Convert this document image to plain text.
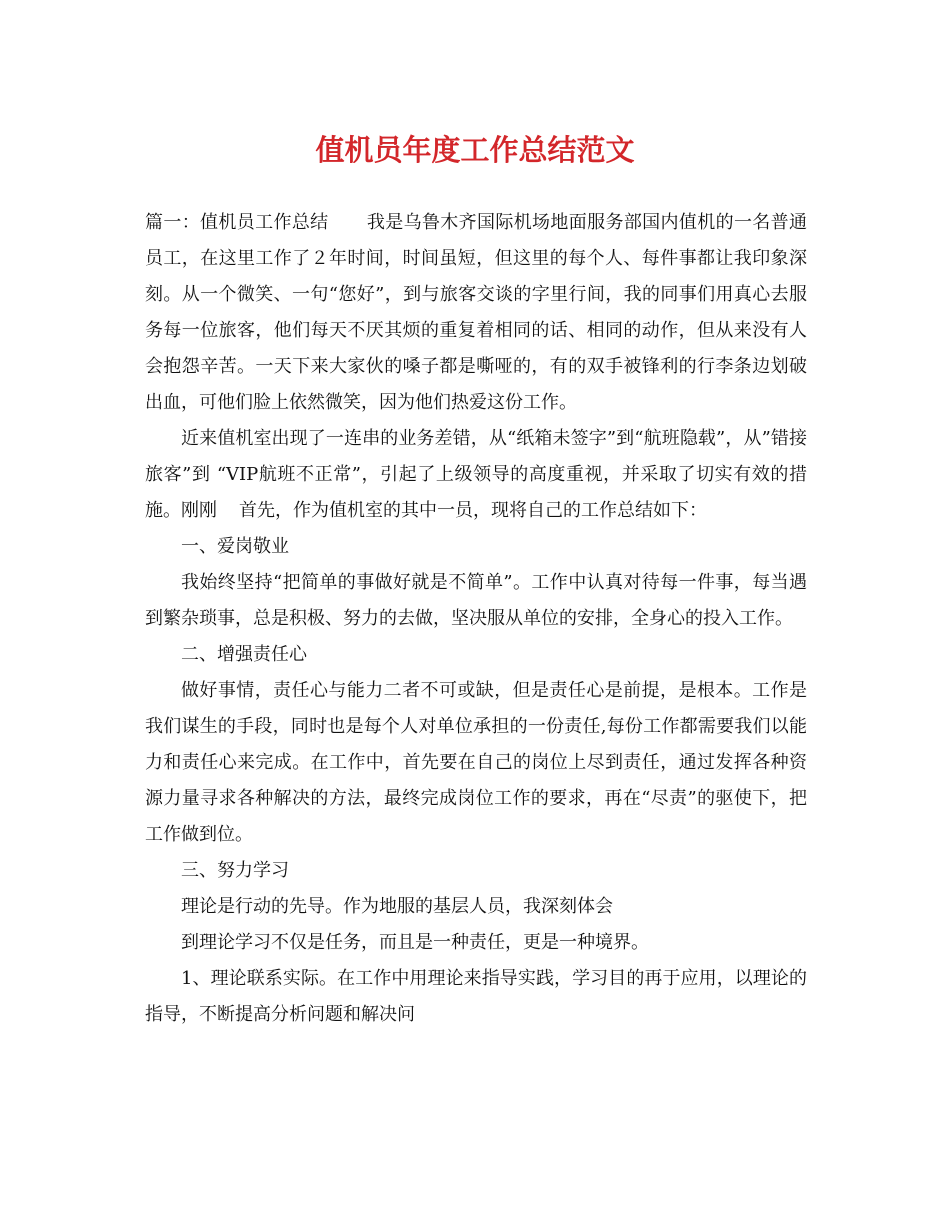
值机员年度工作总结范文

篇一：值机员工作总结 我是乌鲁木齐国际机场地面服务部国内值机的一名普通员工，在这里工作了２年时间，时间虽短，但这里的每个人、每件事都让我印象深刻。从一个微笑、一句“您好”，到与旅客交谈的字里行间，我的同事们用真心去服务每一位旅客，他们每天不厌其烦的重复着相同的话、相同的动作，但从来没有人会抱怨辛苦。一天下来大家伙的嗓子都是嘶哑的，有的双手被锋利的行李条边划破出血，可他们脸上依然微笑，因为他们热爱这份工作。

近来值机室出现了一连串的业务差错，从“纸箱未签字”到“航班隐载”，从”错接旅客”到 “VIP航班不正常”，引起了上级领导的高度重视，并采取了切实有效的措施。刚刚 首先，作为值机室的其中一员，现将自己的工作总结如下：

一、爱岗敬业

我始终坚持“把简单的事做好就是不简单”。工作中认真对待每一件事，每当遇到繁杂琐事，总是积极、努力的去做，坚决服从单位的安排，全身心的投入工作。

二、增强责任心

做好事情，责任心与能力二者不可或缺，但是责任心是前提，是根本。工作是我们谋生的手段，同时也是每个人对单位承担的一份责任,每份工作都需要我们以能力和责任心来完成。在工作中，首先要在自己的岗位上尽到责任，通过发挥各种资源力量寻求各种解决的方法，最终完成岗位工作的要求，再在“尽责”的驱使下，把工作做到位。

三、努力学习

理论是行动的先导。作为地服的基层人员，我深刻体会

到理论学习不仅是任务，而且是一种责任，更是一种境界。

1、理论联系实际。在工作中用理论来指导实践，学习目的再于应用，以理论的指导，不断提高分析问题和解决问
